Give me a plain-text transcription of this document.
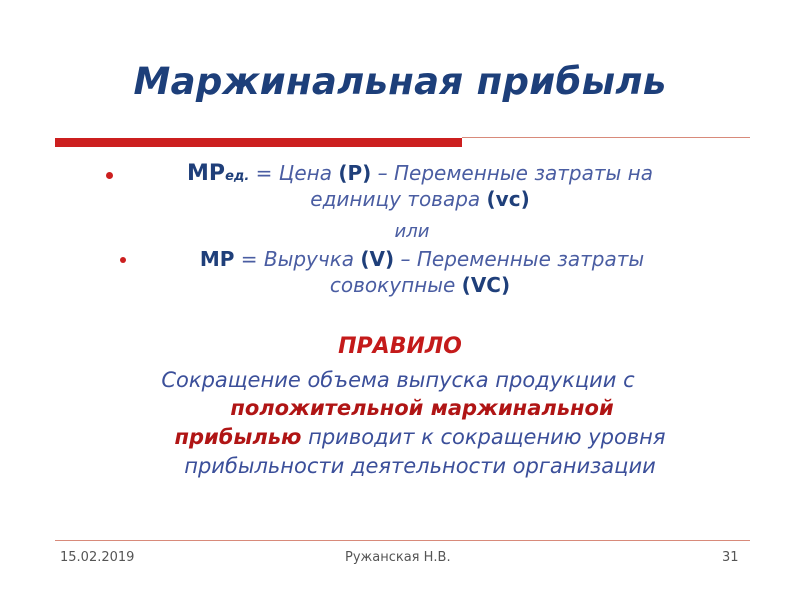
Маржинальная прибыль
МРед. = Цена (Р) – Переменные затраты на
единицу товара (vc)
или
МР = Выручка (V) – Переменные затраты
совокупные (VC)
ПРАВИЛО
Сокращение объема выпуска продукции с
положительной маржинальной
прибылью приводит к сокращению уровня
прибыльности деятельности организации
15.02.2019	Ружанская Н.В.	31
